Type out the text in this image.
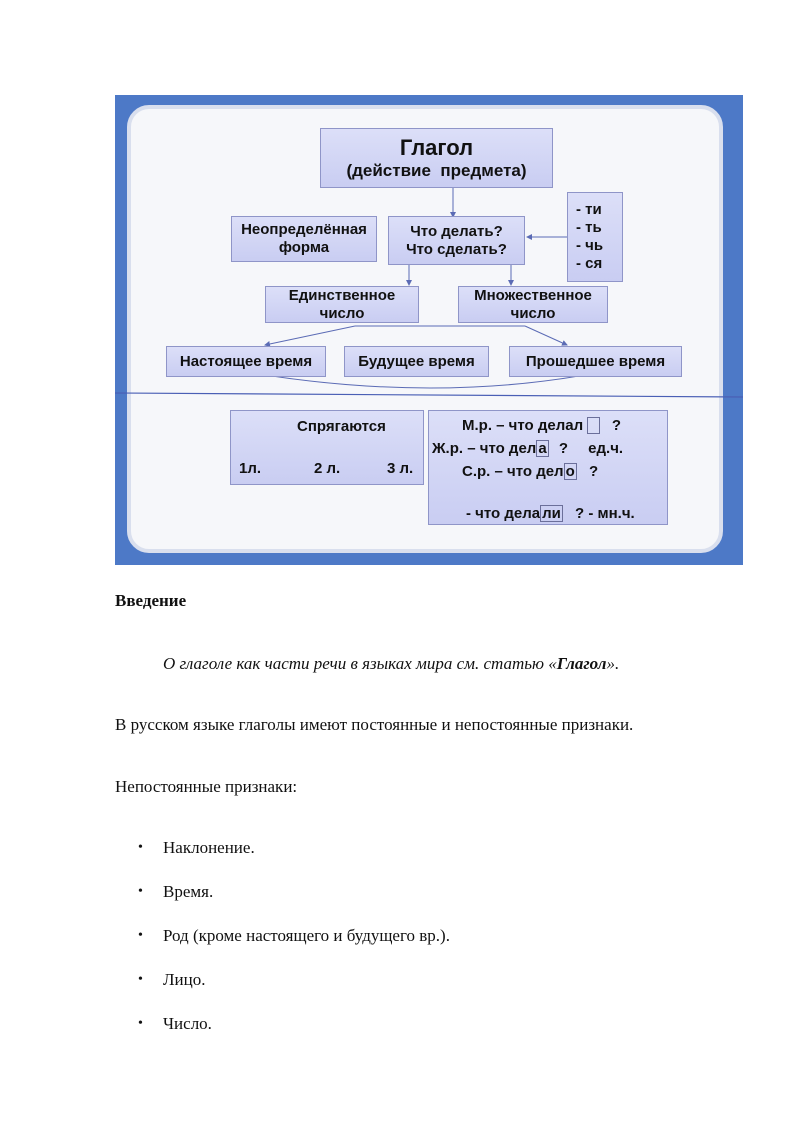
Глагол
(действие  предмета)
Неопределённая
форма
Что делать?
Что сделать?
- ти
- ть
- чь
- ся
Единственное
число
Множественное
число
Настоящее время	Будущее время	Прошедшее время
Спрягаются
1л.	2 л.	3 л.
М.р. – что делал ?
Ж.р. – что дел а ? ед.ч.
С.р. – что дел о ?
- что дела ли ? - мн.ч.
Введение
О глаголе как части речи в языках мира см. статью «Глагол».
В русском языке глаголы имеют постоянные и непостоянные признаки.
Непостоянные признаки:
• Наклонение.
• Время.
• Род (кроме настоящего и будущего вр.).
• Лицо.
• Число.
